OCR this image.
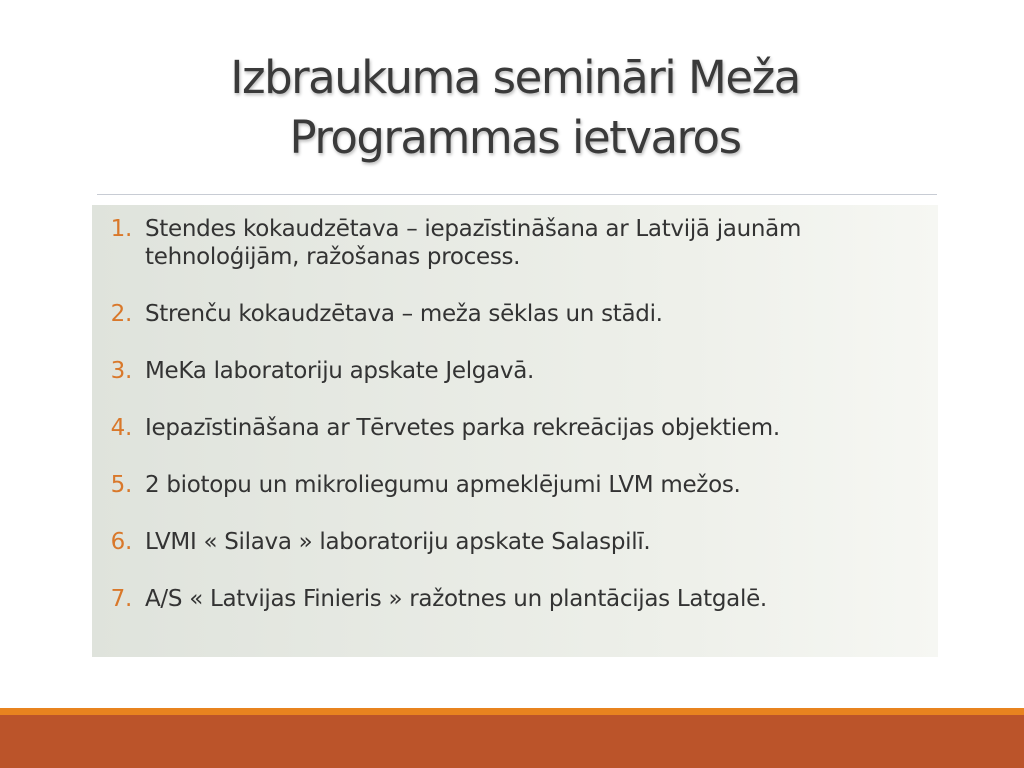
Izbraukuma semināri Meža
Programmas ietvaros
1. Stendes kokaudzētava – iepazīstināšana ar Latvijā jaunām tehnoloģijām, ražošanas process.
2. Strenču kokaudzētava – meža sēklas un stādi.
3. MeKa laboratoriju apskate Jelgavā.
4. Iepazīstināšana ar Tērvetes parka rekreācijas objektiem.
5. 2 biotopu un mikroliegumu apmeklējumi LVM mežos.
6. LVMI « Silava » laboratoriju apskate Salaspilī.
7. A/S « Latvijas Finieris » ražotnes un plantācijas Latgalē.
